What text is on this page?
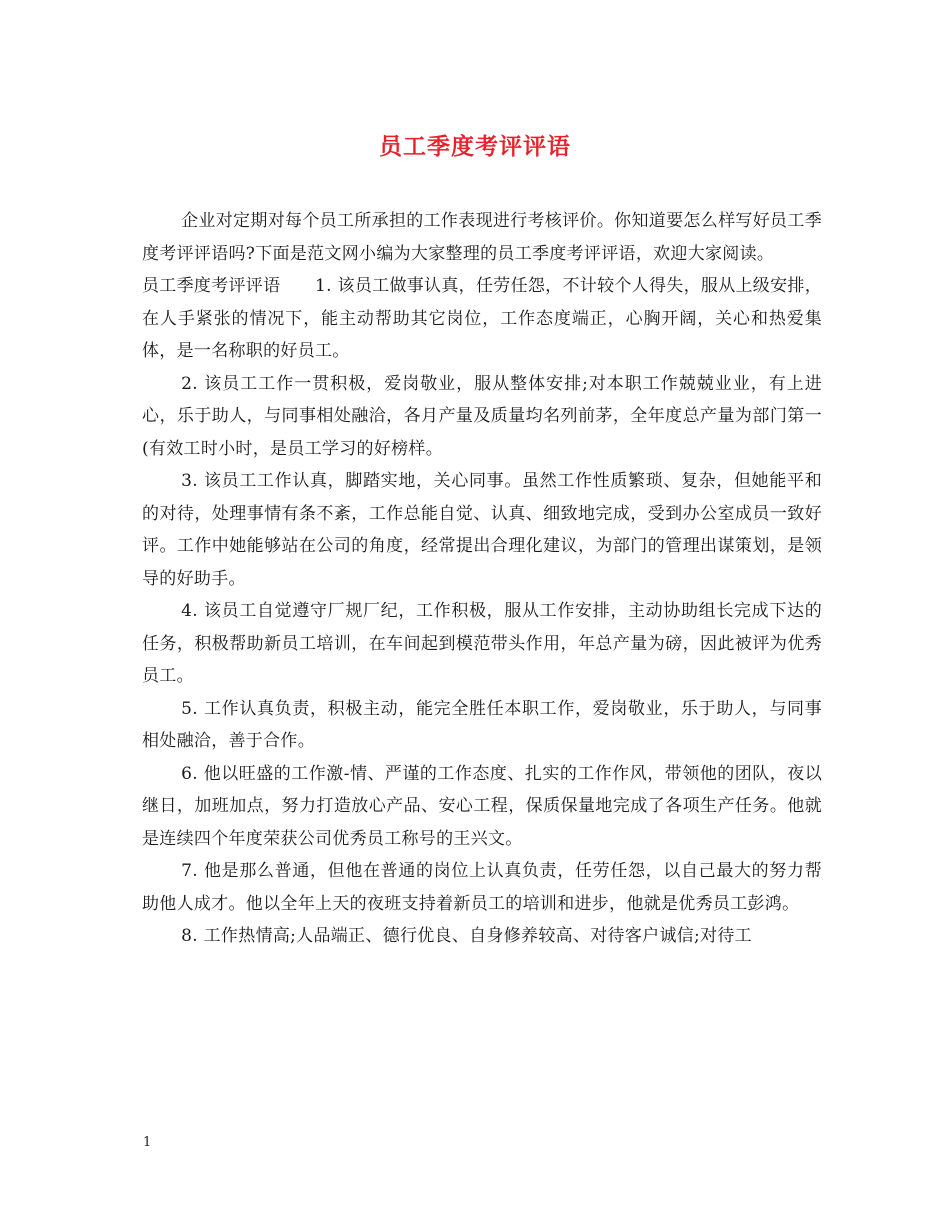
员工季度考评评语

企业对定期对每个员工所承担的工作表现进行考核评价。你知道要怎么样写好员工季度考评评语吗?下面是范文网小编为大家整理的员工季度考评评语，欢迎大家阅读。

员工季度考评评语　　1. 该员工做事认真，任劳任怨，不计较个人得失，服从上级安排，在人手紧张的情况下，能主动帮助其它岗位，工作态度端正，心胸开阔，关心和热爱集体，是一名称职的好员工。

2. 该员工工作一贯积极，爱岗敬业，服从整体安排;对本职工作兢兢业业，有上进心，乐于助人，与同事相处融洽，各月产量及质量均名列前茅，全年度总产量为部门第一(有效工时小时，是员工学习的好榜样。

3. 该员工工作认真，脚踏实地，关心同事。虽然工作性质繁琐、复杂，但她能平和的对待，处理事情有条不紊，工作总能自觉、认真、细致地完成，受到办公室成员一致好评。工作中她能够站在公司的角度，经常提出合理化建议，为部门的管理出谋策划，是领导的好助手。

4. 该员工自觉遵守厂规厂纪，工作积极，服从工作安排，主动协助组长完成下达的任务，积极帮助新员工培训，在车间起到模范带头作用，年总产量为磅，因此被评为优秀员工。

5. 工作认真负责，积极主动，能完全胜任本职工作，爱岗敬业，乐于助人，与同事相处融洽，善于合作。

6. 他以旺盛的工作激-情、严谨的工作态度、扎实的工作作风，带领他的团队，夜以继日，加班加点，努力打造放心产品、安心工程，保质保量地完成了各项生产任务。他就是连续四个年度荣获公司优秀员工称号的王兴文。

7. 他是那么普通，但他在普通的岗位上认真负责，任劳任怨，以自己最大的努力帮助他人成才。他以全年上天的夜班支持着新员工的培训和进步，他就是优秀员工彭鸿。

8. 工作热情高;人品端正、德行优良、自身修养较高、对待客户诚信;对待工

1
